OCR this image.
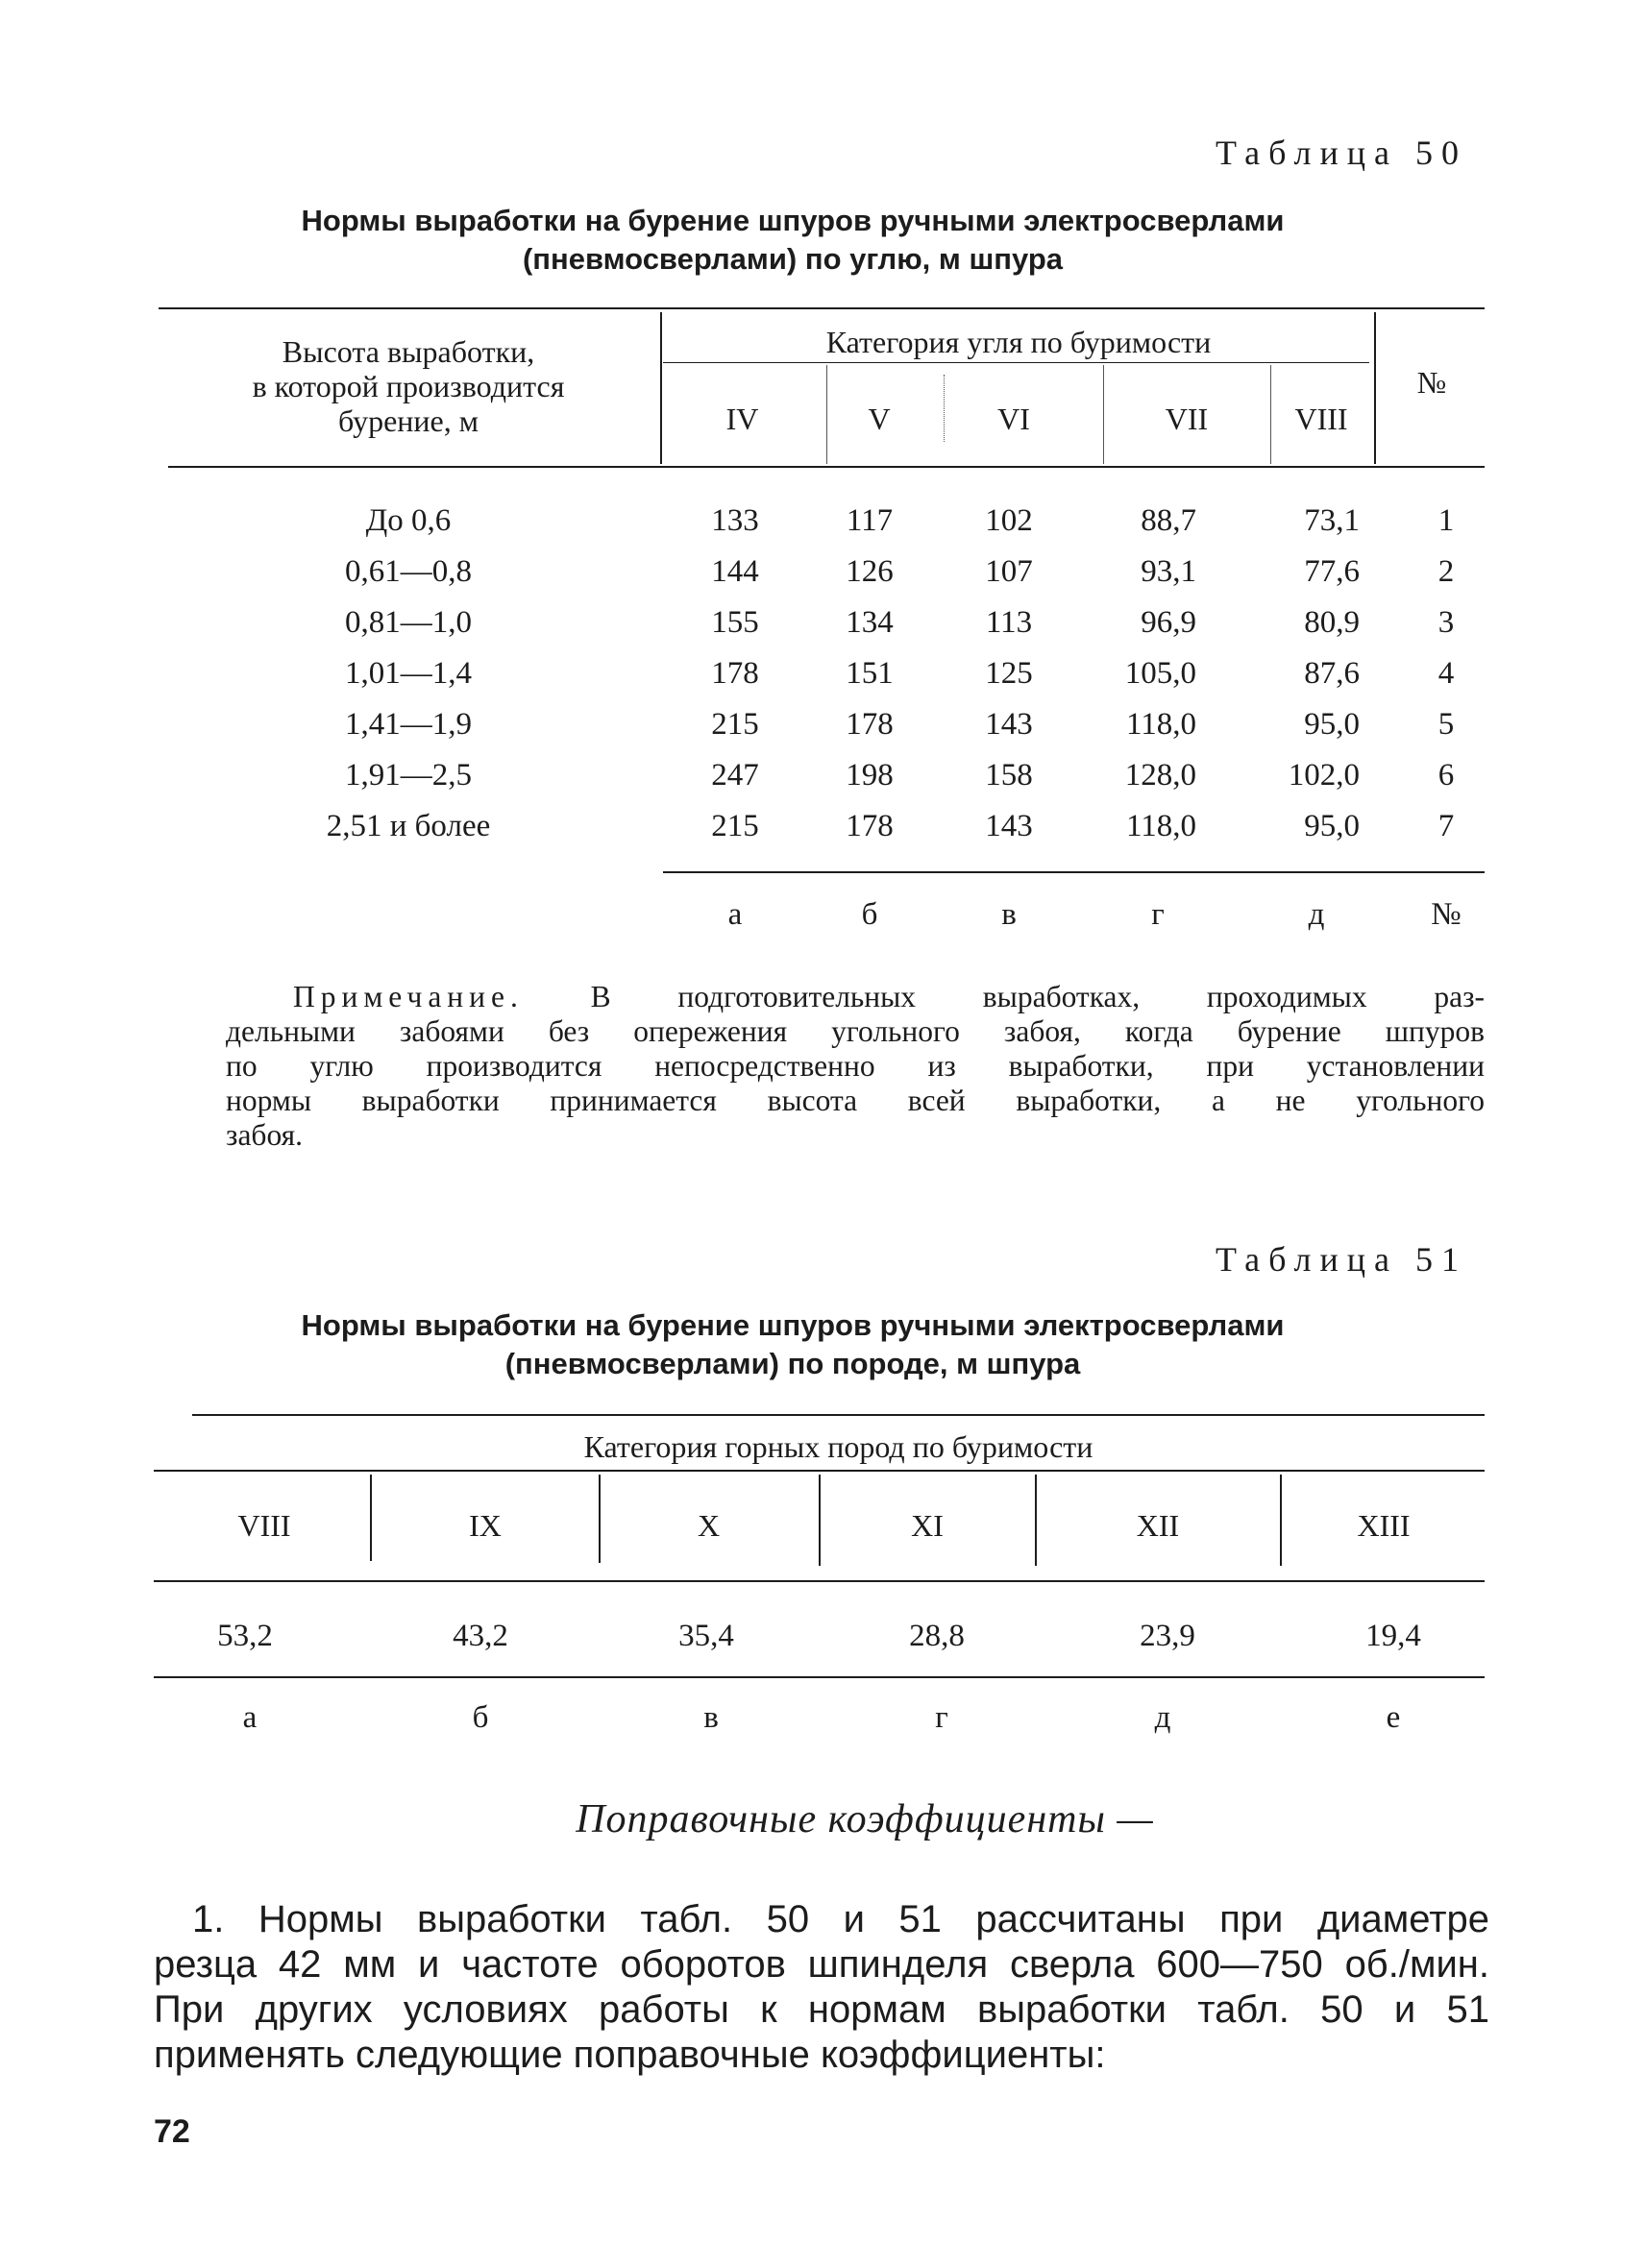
Таблица 50
Нормы выработки на бурение шпуров ручными электросверлами
(пневмосверлами) по углю, м шпура
Высота выработки,
в которой производится
бурение, м
Категория угля по буримости
IV	V	VI	VII	VIII
№
До 0,6	133	117	102	88,7	73,1	1
0,61—0,8	144	126	107	93,1	77,6	2
0,81—1,0	155	134	113	96,9	80,9	3
1,01—1,4	178	151	125	105,0	87,6	4
1,41—1,9	215	178	143	118,0	95,0	5
1,91—2,5	247	198	158	128,0	102,0	6
2,51 и более	215	178	143	118,0	95,0	7
а	б	в	г	д	№
Примечание. В подготовительных выработках, проходимых раз-
дельными забоями без опережения угольного забоя, когда бурение шпуров
по углю производится непосредственно из выработки, при установлении
нормы выработки принимается высота всей выработки, а не угольного
забоя.
Таблица 51
Нормы выработки на бурение шпуров ручными электросверлами
(пневмосверлами) по породе, м шпура
Категория горных пород по буримости
VIII	IX	X	XI	XII	XIII
53,2	43,2	35,4	28,8	23,9	19,4
а	б	в	г	д	е
Поправочные коэффициенты —
1. Нормы выработки табл. 50 и 51 рассчитаны при диаметре
резца 42 мм и частоте оборотов шпинделя сверла 600—750 об./мин.
При других условиях работы к нормам выработки табл. 50 и 51
применять следующие поправочные коэффициенты:
72
